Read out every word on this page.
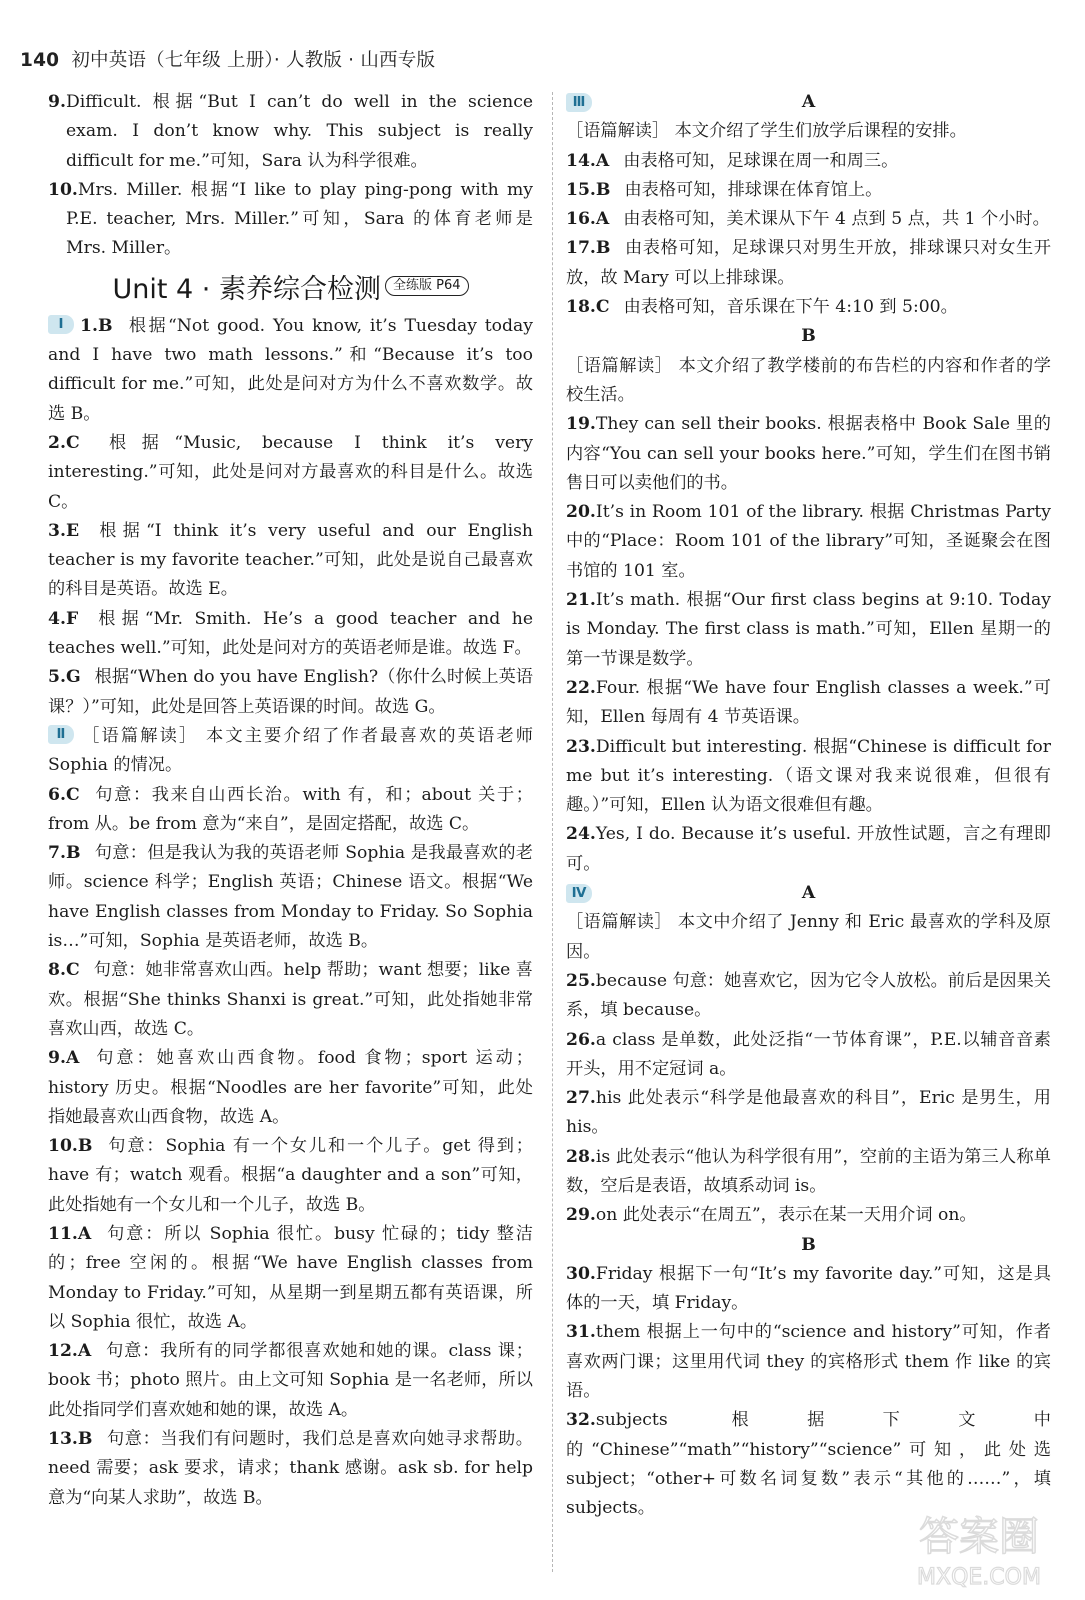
140 初中英语（七年级 上册）· 人教版 · 山西专版
9.Difficult. 根据“But I can’t do well in the science exam. I don’t know why. This subject is really difficult for me.”可知，Sara 认为科学很难。
10.Mrs. Miller. 根据“I like to play ping-pong with my P.E. teacher, Mrs. Miller.”可知，Sara 的体育老师是 Mrs. Miller。
Unit 4 · 素养综合检测 全练版 P64
Ⅰ 1.B 根据“Not good. You know, it’s Tuesday today and I have two math lessons.”和“Because it’s too difficult for me.”可知，此处是问对方为什么不喜欢数学。故选 B。
2.C 根据“Music, because I think it’s very interesting.”可知，此处是问对方最喜欢的科目是什么。故选 C。
3.E 根据“I think it’s very useful and our English teacher is my favorite teacher.”可知，此处是说自己最喜欢的科目是英语。故选 E。
4.F 根据“Mr. Smith. He’s a good teacher and he teaches well.”可知，此处是问对方的英语老师是谁。故选 F。
5.G 根据“When do you have English?（你什么时候上英语课？）”可知，此处是回答上英语课的时间。故选 G。
Ⅱ ［语篇解读］ 本文主要介绍了作者最喜欢的英语老师 Sophia 的情况。
6.C 句意：我来自山西长治。with 有，和；about 关于；from 从。be from 意为“来自”，是固定搭配，故选 C。
7.B 句意：但是我认为我的英语老师 Sophia 是我最喜欢的老师。science 科学；English 英语；Chinese 语文。根据“We have English classes from Monday to Friday. So Sophia is…”可知，Sophia 是英语老师，故选 B。
8.C 句意：她非常喜欢山西。help 帮助；want 想要；like 喜欢。根据“She thinks Shanxi is great.”可知，此处指她非常喜欢山西，故选 C。
9.A 句意：她喜欢山西食物。food 食物；sport 运动；history 历史。根据“Noodles are her favorite”可知，此处指她最喜欢山西食物，故选 A。
10.B 句意：Sophia 有一个女儿和一个儿子。get 得到；have 有；watch 观看。根据“a daughter and a son”可知，此处指她有一个女儿和一个儿子，故选 B。
11.A 句意：所以 Sophia 很忙。busy 忙碌的；tidy 整洁的；free 空闲的。根据“We have English classes from Monday to Friday.”可知，从星期一到星期五都有英语课，所以 Sophia 很忙，故选 A。
12.A 句意：我所有的同学都很喜欢她和她的课。class 课；book 书；photo 照片。由上文可知 Sophia 是一名老师，所以此处指同学们喜欢她和她的课，故选 A。
13.B 句意：当我们有问题时，我们总是喜欢向她寻求帮助。need 需要；ask 要求，请求；thank 感谢。ask sb. for help 意为“向某人求助”，故选 B。
Ⅲ	A
［语篇解读］ 本文介绍了学生们放学后课程的安排。
14.A 由表格可知，足球课在周一和周三。
15.B 由表格可知，排球课在体育馆上。
16.A 由表格可知，美术课从下午 4 点到 5 点，共 1 个小时。
17.B 由表格可知，足球课只对男生开放，排球课只对女生开放，故 Mary 可以上排球课。
18.C 由表格可知，音乐课在下午 4:10 到 5:00。
B
［语篇解读］ 本文介绍了教学楼前的布告栏的内容和作者的学校生活。
19.They can sell their books. 根据表格中 Book Sale 里的内容“You can sell your books here.”可知，学生们在图书销售日可以卖他们的书。
20.It’s in Room 101 of the library. 根据 Christmas Party 中的“Place：Room 101 of the library”可知，圣诞聚会在图书馆的 101 室。
21.It’s math. 根据“Our first class begins at 9:10. Today is Monday. The first class is math.”可知，Ellen 星期一的第一节课是数学。
22.Four. 根据“We have four English classes a week.”可知，Ellen 每周有 4 节英语课。
23.Difficult but interesting. 根据“Chinese is difficult for me but it’s interesting.（语文课对我来说很难，但很有趣。）”可知，Ellen 认为语文很难但有趣。
24.Yes, I do. Because it’s useful. 开放性试题，言之有理即可。
Ⅳ	A
［语篇解读］ 本文中介绍了 Jenny 和 Eric 最喜欢的学科及原因。
25.because 句意：她喜欢它，因为它令人放松。前后是因果关系，填 because。
26.a class 是单数，此处泛指“一节体育课”，P.E.以辅音音素开头，用不定冠词 a。
27.his 此处表示“科学是他最喜欢的科目”，Eric 是男生，用 his。
28.is 此处表示“他认为科学很有用”，空前的主语为第三人称单数，空后是表语，故填系动词 is。
29.on 此处表示“在周五”，表示在某一天用介词 on。
B
30.Friday 根据下一句“It’s my favorite day.”可知，这是具体的一天，填 Friday。
31.them 根据上一句中的“science and history”可知，作者喜欢两门课；这里用代词 they 的宾格形式 them 作 like 的宾语。
32.subjects 根据下文中的“Chinese”“math”“history”“science”可知，此处选 subject；“other+可数名词复数”表示“其他的……”，填 subjects。
答案圈
MXQE.COM
